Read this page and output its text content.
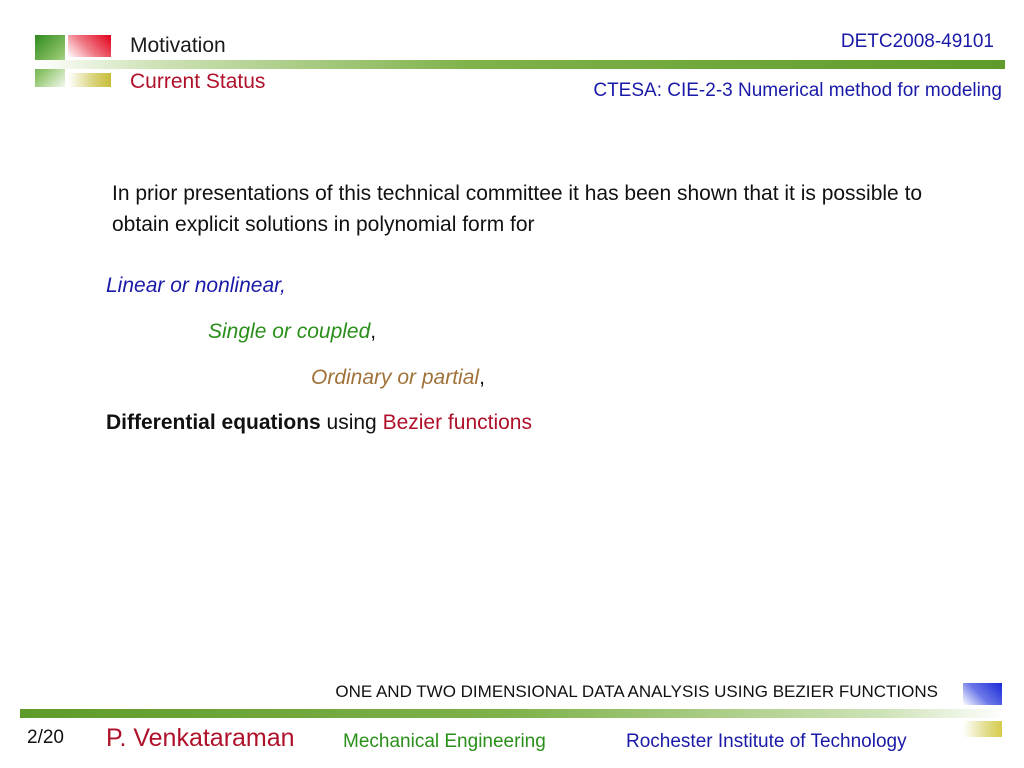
Motivation
Current Status
DETC2008-49101
CTESA: CIE-2-3 Numerical method for modeling
In prior presentations of this technical committee it has been shown that it is possible to obtain explicit solutions in polynomial form for
Linear or nonlinear,
Single or coupled,
Ordinary or partial,
Differential equations using Bezier functions
ONE AND TWO DIMENSIONAL DATA ANALYSIS USING BEZIER FUNCTIONS
2/20 P. Venkataraman	Mechanical Engineering	Rochester Institute of Technology
